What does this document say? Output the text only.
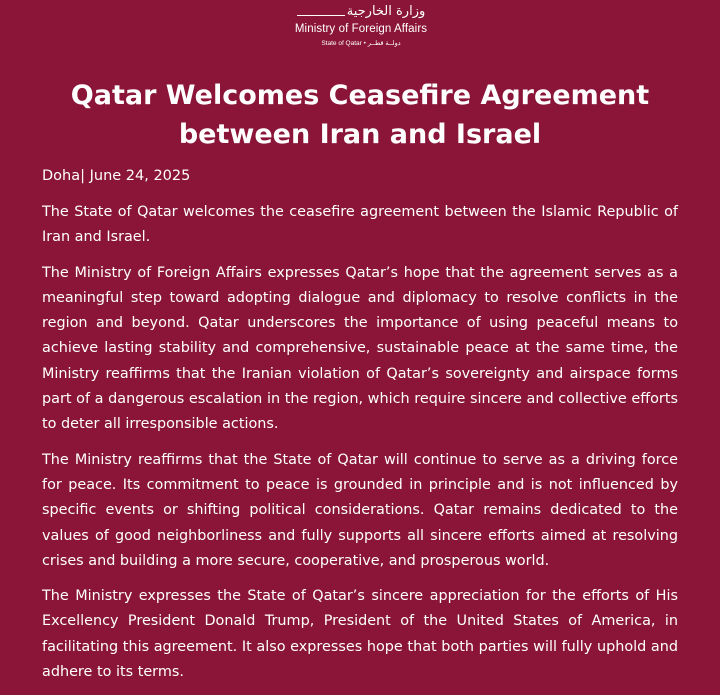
وزارة الخارجية
Ministry of Foreign Affairs
State of Qatar • دولــة قطــر
Qatar Welcomes Ceasefire Agreement between Iran and Israel
Doha| June 24, 2025

The State of Qatar welcomes the ceasefire agreement between the Islamic Republic of Iran and Israel.

The Ministry of Foreign Affairs expresses Qatar’s hope that the agreement serves as a meaningful step toward adopting dialogue and diplomacy to resolve conflicts in the region and beyond. Qatar underscores the importance of using peaceful means to achieve lasting stability and comprehensive, sustainable peace at the same time, the Ministry reaffirms that the Iranian violation of Qatar’s sovereignty and airspace forms part of a dangerous escalation in the region, which require sincere and collective efforts to deter all irresponsible actions.

The Ministry reaffirms that the State of Qatar will continue to serve as a driving force for peace. Its commitment to peace is grounded in principle and is not influenced by specific events or shifting political considerations. Qatar remains dedicated to the values of good neighborliness and fully supports all sincere efforts aimed at resolving crises and building a more secure, cooperative, and prosperous world.

The Ministry expresses the State of Qatar’s sincere appreciation for the efforts of His Excellency President Donald Trump, President of the United States of America, in facilitating this agreement. It also expresses hope that both parties will fully uphold and adhere to its terms.
